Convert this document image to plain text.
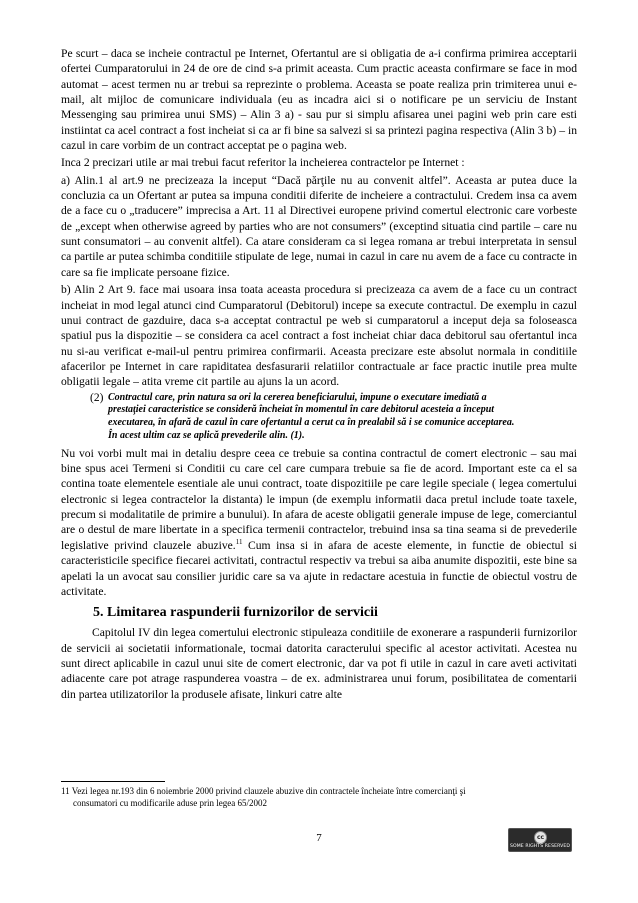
Pe scurt – daca se incheie contractul pe Internet, Ofertantul are si obligatia de a-i confirma primirea acceptarii ofertei Cumparatorului in 24 de ore de cind s-a primit aceasta. Cum practic aceasta confirmare se face in mod automat – acest termen nu ar trebui sa reprezinte o problema. Aceasta se poate realiza prin trimiterea unui e-mail, alt mijloc de comunicare individuala (eu as incadra aici si o notificare pe un serviciu de Instant Messenging sau primirea unui SMS) – Alin 3 a) - sau pur si simplu afisarea unei pagini web prin care esti instiintat ca acel contract a fost incheiat si ca ar fi bine sa salvezi si sa printezi pagina respectiva (Alin 3 b) – in cazul in care vorbim de un contract acceptat pe o pagina web.

Inca 2 precizari utile ar mai trebui facut referitor la incheierea contractelor pe Internet :

a) Alin.1 al art.9 ne precizeaza la inceput “Dacă părţile nu au convenit altfel”. Aceasta ar putea duce la concluzia ca un Ofertant ar putea sa impuna conditii diferite de incheiere a contractului. Credem insa ca avem de a face cu o „traducere” imprecisa a Art. 11 al Directivei europene privind comertul electronic care vorbeste de „except when otherwise agreed by parties who are not consumers” (exceptind situatia cind partile – care nu sunt consumatori – au convenit altfel). Ca atare consideram ca si legea romana ar trebui interpretata in sensul ca partile ar putea schimba conditiile stipulate de lege, numai in cazul in care nu avem de a face cu contracte in care sa fie implicate persoane fizice.

b) Alin 2 Art 9. face mai usoara insa toata aceasta procedura si precizeaza ca avem de a face cu un contract incheiat in mod legal atunci cind Cumparatorul (Debitorul) incepe sa execute contractul. De exemplu in cazul unui contract de gazduire, daca s-a acceptat contractul pe web si cumparatorul a inceput deja sa foloseasca spatiul pus la dispozitie – se considera ca acel contract a fost incheiat chiar daca debitorul sau ofertantul inca nu si-au verificat e-mail-ul pentru primirea confirmarii. Aceasta precizare este absolut normala in conditiile afacerilor pe Internet in care rapiditatea desfasurarii relatiilor contractuale ar face practic inutile prea multe obligatii legale – atita vreme cit partile au ajuns la un acord.

(2) Contractul care, prin natura sa ori la cererea beneficiarului, impune o executare imediată a
prestaţiei caracteristice se consideră încheiat în momentul în care debitorul acesteia a început
executarea, în afară de cazul în care ofertantul a cerut ca în prealabil să i se comunice acceptarea.
În acest ultim caz se aplică prevederile alin. (1).

Nu voi vorbi mult mai in detaliu despre ceea ce trebuie sa contina contractul de comert electronic – sau mai bine spus acei Termeni si Conditii cu care cel care cumpara trebuie sa fie de acord. Important este ca el sa contina toate elementele esentiale ale unui contract, toate dispozitiile pe care legile speciale ( legea comertului electronic si legea contractelor la distanta) le impun (de exemplu informatii daca pretul include toate taxele, precum si modalitatile de primire a bunului). In afara de aceste obligatii generale impuse de lege, comerciantul are o destul de mare libertate in a specifica termenii contractelor, trebuind insa sa tina seama si de prevederile legislative privind clauzele abuzive.$^{11}$ Cum insa si in afara de aceste elemente, in functie de obiectul si caracteristicile specifice fiecarei activitati, contractul respectiv va trebui sa aiba anumite dispozitii, este bine sa apelati la un avocat sau consilier juridic care sa va ajute in redactare acestuia in functie de obiectul vostru de activitate.

5. Limitarea raspunderii furnizorilor de servicii

Capitolul IV din legea comertului electronic stipuleaza conditiile de exonerare a raspunderii furnizorilor de servicii ai societatii informationale, tocmai datorita caracterului specific al acestor activitati. Acestea nu sunt direct aplicabile in cazul unui site de comert electronic, dar va pot fi utile in cazul in care aveti activitati adiacente care pot atrage raspunderea voastra – de ex. administrarea unui forum, posibilitatea de comentarii din partea utilizatorilor la produsele afisate, linkuri catre alte

11 Vezi legea nr.193 din 6 noiembrie 2000 privind clauzele abuzive din contractele încheiate între comercianţi şi
consumatori cu modificarile aduse prin legea 65/2002
7
cc
SOME RIGHTS RESERVED
